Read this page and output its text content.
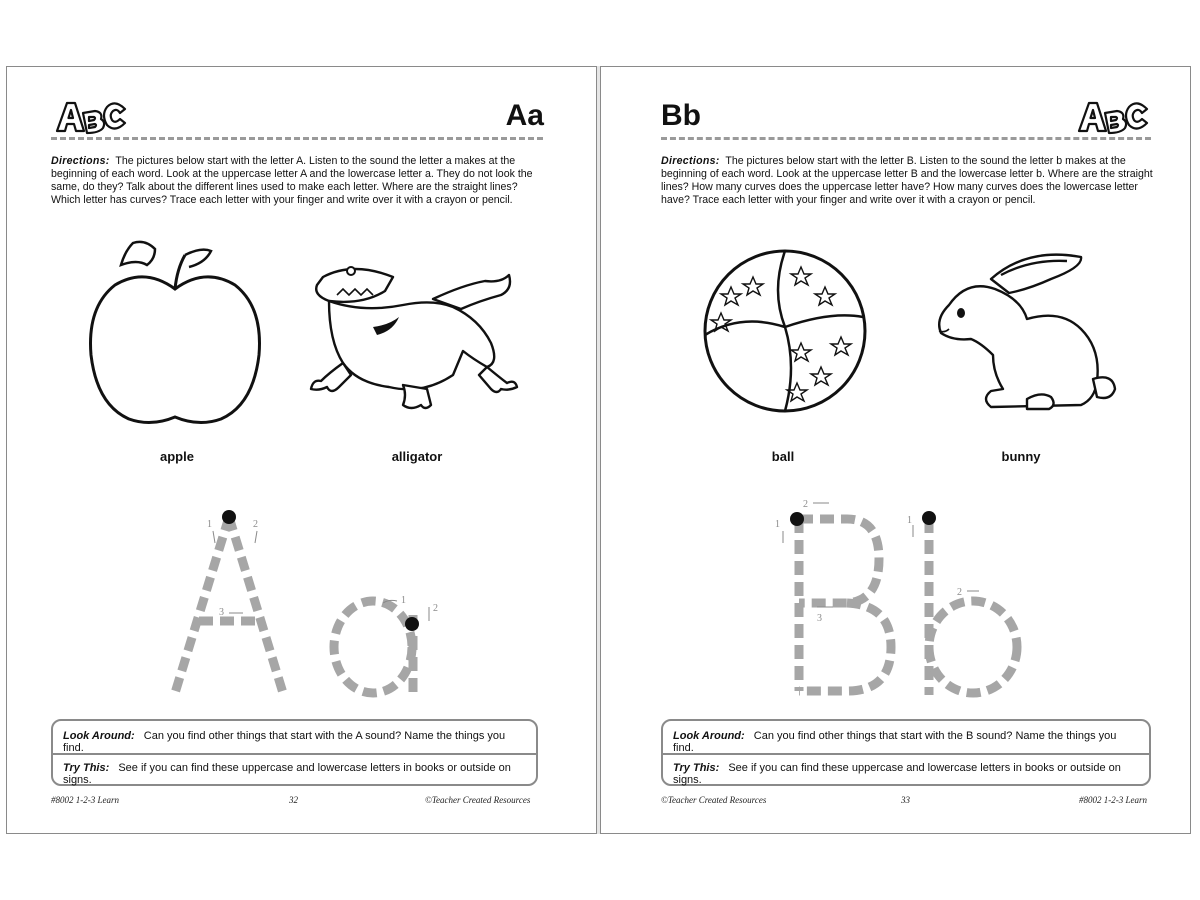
Aa
Directions: The pictures below start with the letter A. Listen to the sound the letter a makes at the beginning of each word. Look at the uppercase letter A and the lowercase letter a. They do not look the same, do they? Talk about the different lines used to make each letter. Where are the straight lines? Which letter has curves? Trace each letter with your finger and write over it with a crayon or pencil.
apple	alligator
1	2
3
1
2
Look Around: Can you find other things that start with the A sound? Name the things you find.
Try This: See if you can find these uppercase and lowercase letters in books or outside on signs.
#8002 1-2-3 Learn	32	©Teacher Created Resources
Bb
Directions: The pictures below start with the letter B. Listen to the sound the letter b makes at the beginning of each word. Look at the uppercase letter B and the lowercase letter b. Where are the straight lines? How many curves does the uppercase letter have? How many curves does the lowercase letter have? Trace each letter with your finger and write over it with a crayon or pencil.
ball	bunny
2
1
3
1
2
Look Around: Can you find other things that start with the B sound? Name the things you find.
Try This: See if you can find these uppercase and lowercase letters in books or outside on signs.
©Teacher Created Resources	33	#8002 1-2-3 Learn
